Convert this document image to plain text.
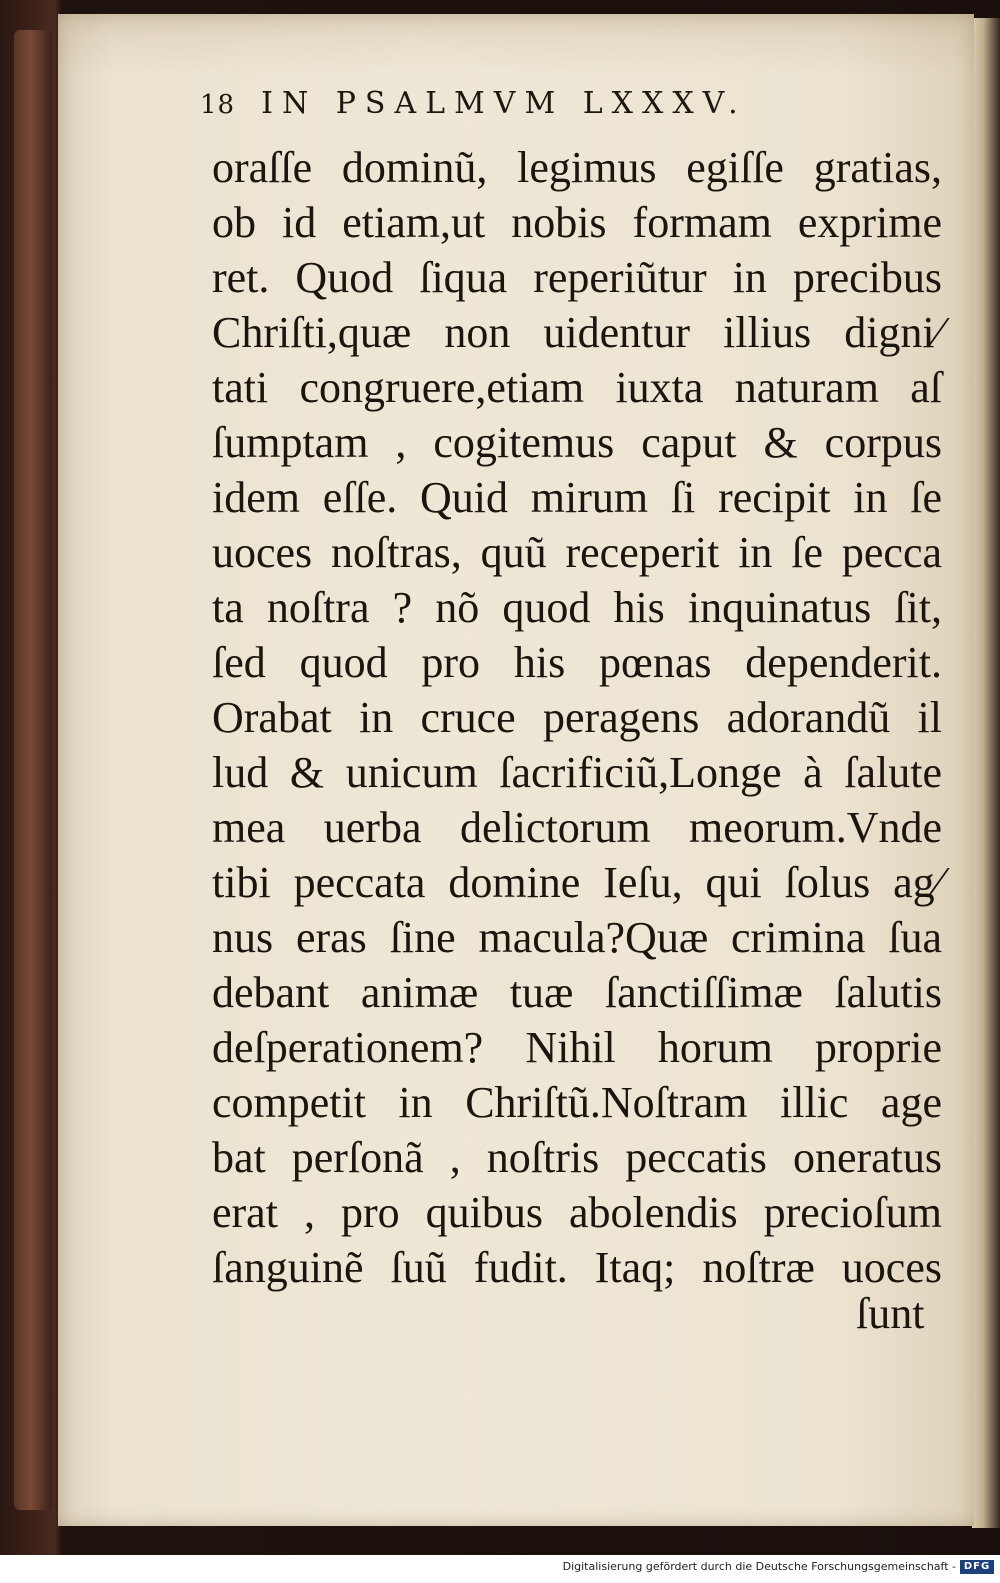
18 IN PSALMVM LXXXV.
oraſſe dominũ, legimus egiſſe gratias,
ob id etiam,ut nobis formam exprime
ret. Quod ſiqua reperiũtur in precibus
Chriſti,quæ non uidentur illius digni⁄
tati congruere,etiam iuxta naturam aſ
ſumptam , cogitemus caput & corpus
idem eſſe. Quid mirum ſi recipit in ſe
uoces noſtras, quũ receperit in ſe pecca
ta noſtra ? nõ quod his inquinatus ſit,
ſed quod pro his pœnas dependerit.
Orabat in cruce peragens adorandũ il
lud & unicum ſacrificiũ,Longe à ſalute
mea uerba delictorum meorum.Vnde
tibi peccata domine Ieſu, qui ſolus ag⁄
nus eras ſine macula?Quæ crimina ſua
debant animæ tuæ ſanctiſſimæ ſalutis
deſperationem? Nihil horum proprie
competit in Chriſtũ.Noſtram illic age
bat perſonã , noſtris peccatis oneratus
erat , pro quibus abolendis precioſum
ſanguinẽ ſuũ fudit. Itaq; noſtræ uoces
ſunt
Digitalisierung gefördert durch die Deutsche Forschungsgemeinschaft - DFG
